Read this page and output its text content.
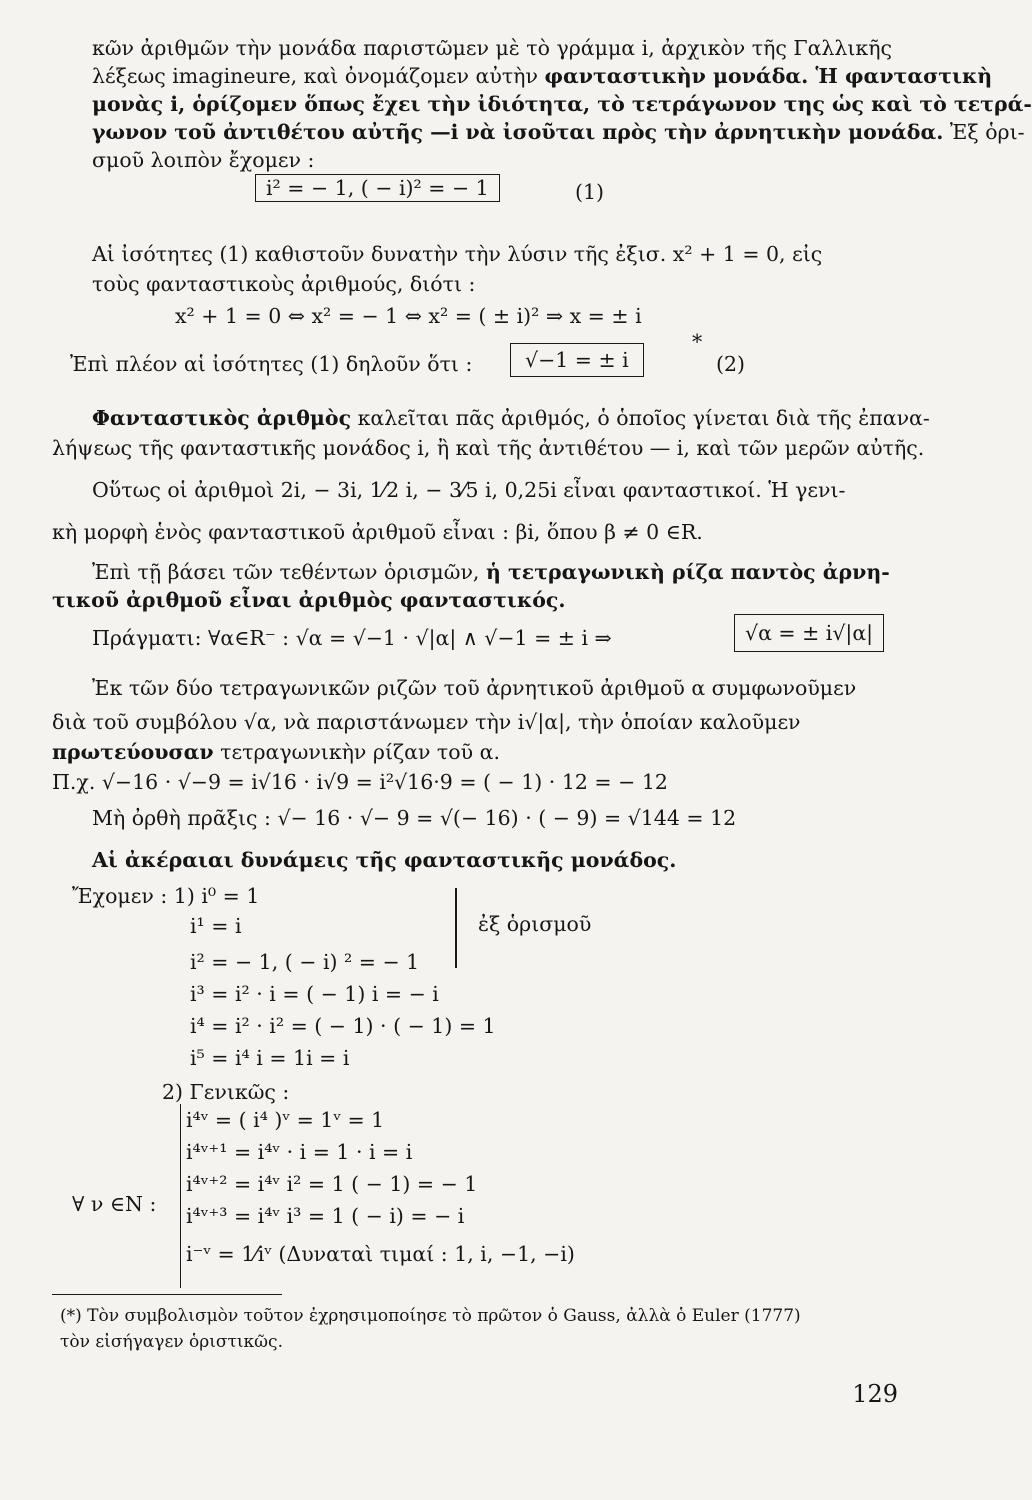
κῶν ἀριθμῶν τὴν μονάδα παριστῶμεν μὲ τὸ γράμμα i, ἀρχικὸν τῆς Γαλλικῆς
λέξεως imagineure, καὶ ὀνομάζομεν αὐτὴν φανταστικὴν μονάδα. Ἡ φανταστικὴ
μονὰς i, ὁρίζομεν ὅπως ἔχει τὴν ἰδιότητα, τὸ τετράγωνον της ὡς καὶ τὸ τετρά-
γωνον τοῦ ἀντιθέτου αὐτῆς —i νὰ ἰσοῦται πρὸς τὴν ἀρνητικὴν μονάδα. Ἐξ ὁρι-
σμοῦ λοιπὸν ἔχομεν :
i² = − 1, ( − i)² = − 1	(1)
Αἱ ἰσότητες (1) καθιστοῦν δυνατὴν τὴν λύσιν τῆς ἐξισ. x² + 1 = 0, εἰς
τοὺς φανταστικοὺς ἀριθμούς, διότι :
x² + 1 = 0 ⇔ x² = − 1 ⇔ x² = ( ± i)² ⇒ x = ± i
*
Ἐπὶ πλέον αἱ ἰσότητες (1) δηλοῦν ὅτι :	√−1 = ± i	(2)
Φανταστικὸς ἀριθμὸς καλεῖται πᾶς ἀριθμός, ὁ ὁποῖος γίνεται διὰ τῆς ἐπανα-
λήψεως τῆς φανταστικῆς μονάδος i, ἢ καὶ τῆς ἀντιθέτου — i, καὶ τῶν μερῶν αὐτῆς.
Οὕτως οἱ ἀριθμοὶ 2i, − 3i, 1⁄2 i, − 3⁄5 i, 0,25i εἶναι φανταστικοί. Ἡ γενι-
κὴ μορφὴ ἑνὸς φανταστικοῦ ἀριθμοῦ εἶναι : βi, ὅπου β ≠ 0 ∈R.
Ἐπὶ τῇ βάσει τῶν τεθέντων ὁρισμῶν, ἡ τετραγωνικὴ ρίζα παντὸς ἀρνη-
τικοῦ ἀριθμοῦ εἶναι ἀριθμὸς φανταστικός.
Πράγματι: ∀α∈R⁻ : √α = √−1 · √|α| ∧ √−1 = ± i ⇒	√α = ± i√|α|
Ἐκ τῶν δύο τετραγωνικῶν ριζῶν τοῦ ἀρνητικοῦ ἀριθμοῦ α συμφωνοῦμεν
διὰ τοῦ συμβόλου √α, νὰ παριστάνωμεν τὴν i√|α|, τὴν ὁποίαν καλοῦμεν
πρωτεύουσαν τετραγωνικὴν ρίζαν τοῦ α.
Π.χ. √−16 · √−9 = i√16 · i√9 = i²√16·9 = ( − 1) · 12 = − 12
Μὴ ὀρθὴ πρᾶξις : √− 16 · √− 9 = √(− 16) · ( − 9) = √144 = 12
Αἱ ἀκέραιαι δυνάμεις τῆς φανταστικῆς μονάδος.
Ἔχομεν : 1) i⁰ = 1
i¹ = i
i² = − 1, ( − i) ² = − 1
i³ = i² · i = ( − 1) i = − i
i⁴ = i² · i² = ( − 1) · ( − 1) = 1
i⁵ = i⁴ i = 1i = i
ἐξ ὁρισμοῦ
2) Γενικῶς :
i⁴ᵛ = ( i⁴ )ᵛ = 1ᵛ = 1
i⁴ᵛ⁺¹ = i⁴ᵛ · i = 1 · i = i
i⁴ᵛ⁺² = i⁴ᵛ i² = 1 ( − 1) = − 1
i⁴ᵛ⁺³ = i⁴ᵛ i³ = 1 ( − i) = − i
i⁻ᵛ = 1⁄iᵛ (Δυναταὶ τιμαί : 1, i, −1, −i)
∀ ν ∈N :
(*) Τὸν συμβολισμὸν τοῦτον ἐχρησιμοποίησε τὸ πρῶτον ὁ Gauss, ἀλλὰ ὁ Euler (1777)
τὸν εἰσήγαγεν ὁριστικῶς.
129
